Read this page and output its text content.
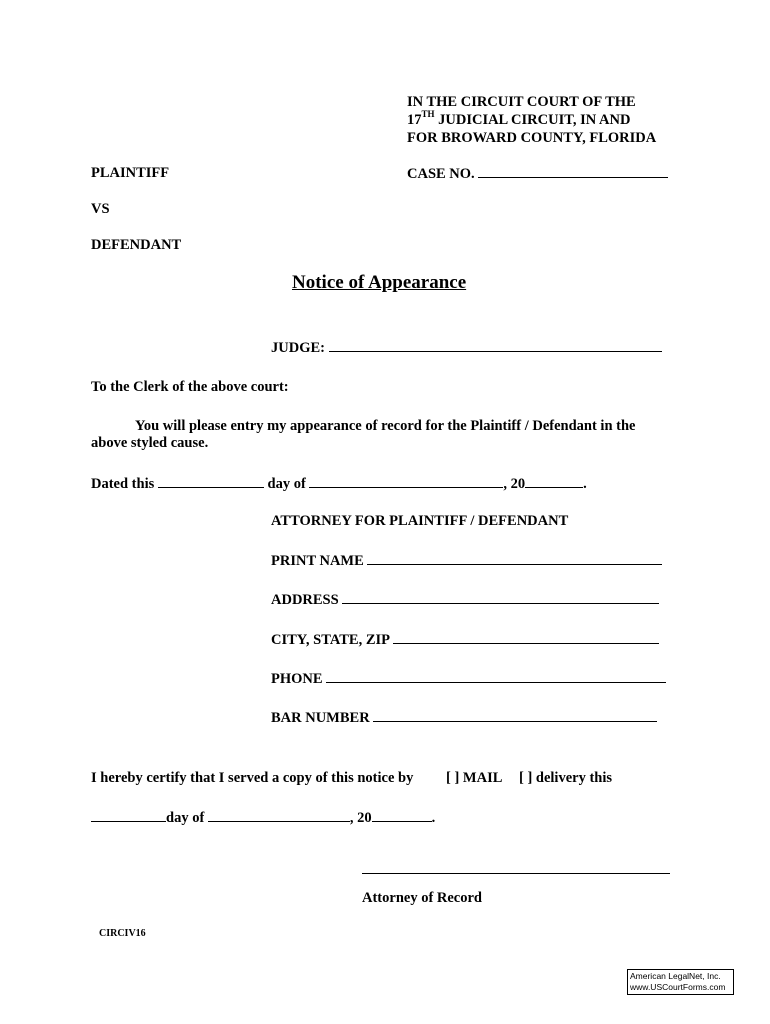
IN THE CIRCUIT COURT OF THE
17TH JUDICIAL CIRCUIT, IN AND
FOR BROWARD COUNTY, FLORIDA
PLAINTIFF	CASE NO.
VS
DEFENDANT
Notice of Appearance
JUDGE:
To the Clerk of the above court:
You will please entry my appearance of record for the Plaintiff / Defendant in the
above styled cause.
Dated this	day of	, 20	.
ATTORNEY FOR PLAINTIFF / DEFENDANT
PRINT NAME
ADDRESS
CITY, STATE, ZIP
PHONE
BAR NUMBER
I hereby certify that I served a copy of this notice by [ ] MAIL [ ] delivery this
day of	, 20	.
Attorney of Record
CIRCIV16
American LegalNet, Inc.
www.USCourtForms.com
